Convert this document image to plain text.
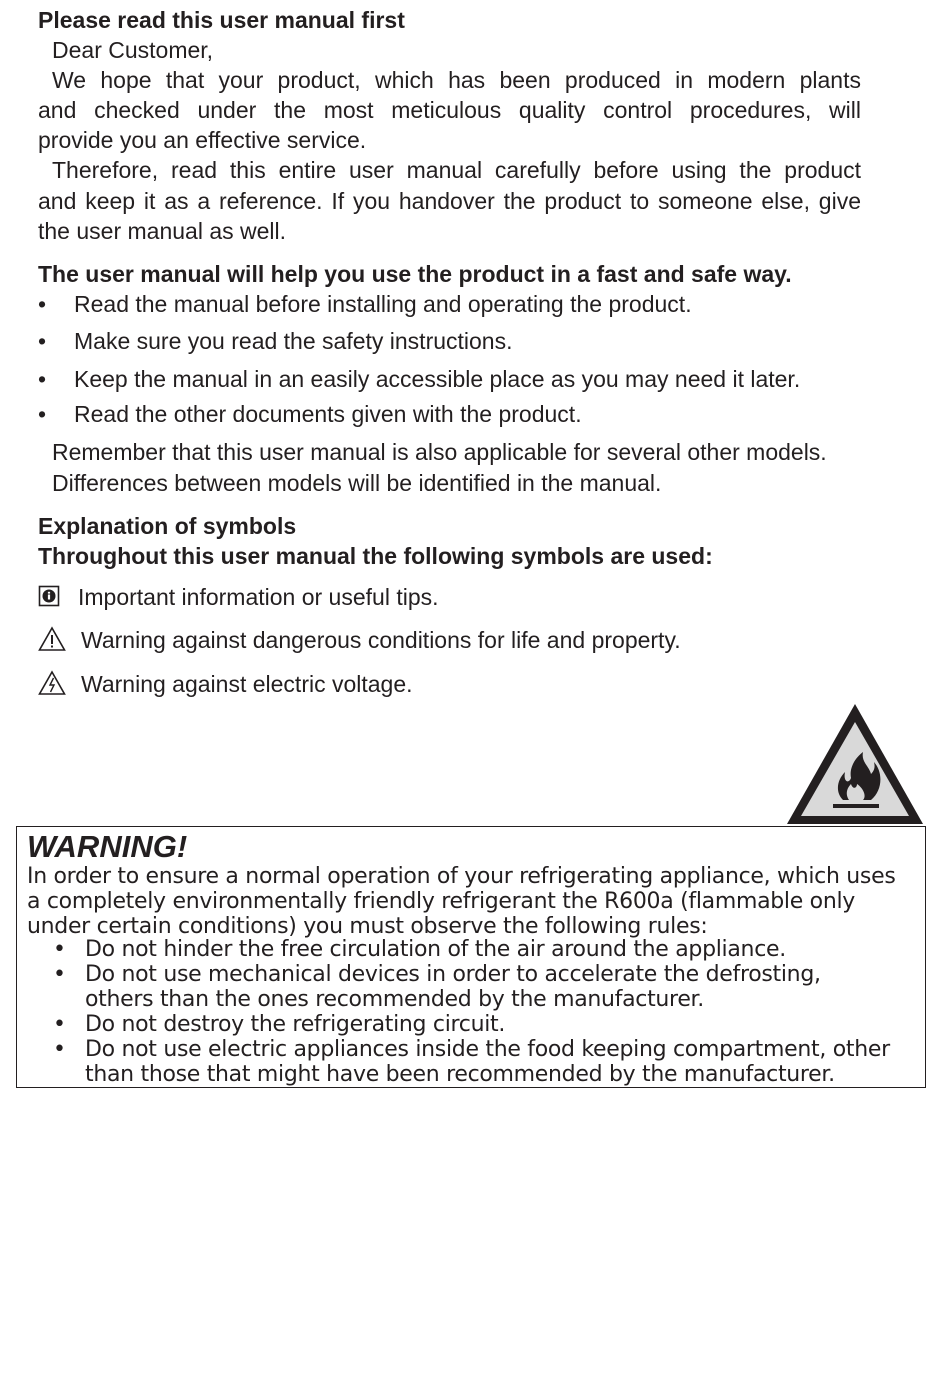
Please read this user manual first
Dear Customer,
We hope that your product, which has been produced in modern plants
and checked under the most meticulous quality control procedures, will
provide you an effective service.
Therefore, read this entire user manual carefully before using the product
and keep it as a reference. If you handover the product to someone else, give
the user manual as well.
The user manual will help you use the product in a fast and safe way.
•	Read the manual before installing and operating the product.
•	Make sure you read the safety instructions.
•	Keep the manual in an easily accessible place as you may need it later.
•	Read the other documents given with the product.
Remember that this user manual is also applicable for several other models.
Differences between models will be identified in the manual.
Explanation of symbols
Throughout this user manual the following symbols are used:
Important information or useful tips.
Warning against dangerous conditions for life and property.
Warning against electric voltage.
WARNING!
In order to ensure a normal operation of your refrigerating appliance, which uses
a completely environmentally friendly refrigerant the R600a (flammable only
under certain conditions) you must observe the following rules:
• Do not hinder the free circulation of the air around the appliance.
• Do not use mechanical devices in order to accelerate the defrosting,
others than the ones recommended by the manufacturer.
• Do not destroy the refrigerating circuit.
• Do not use electric appliances inside the food keeping compartment, other
than those that might have been recommended by the manufacturer.
